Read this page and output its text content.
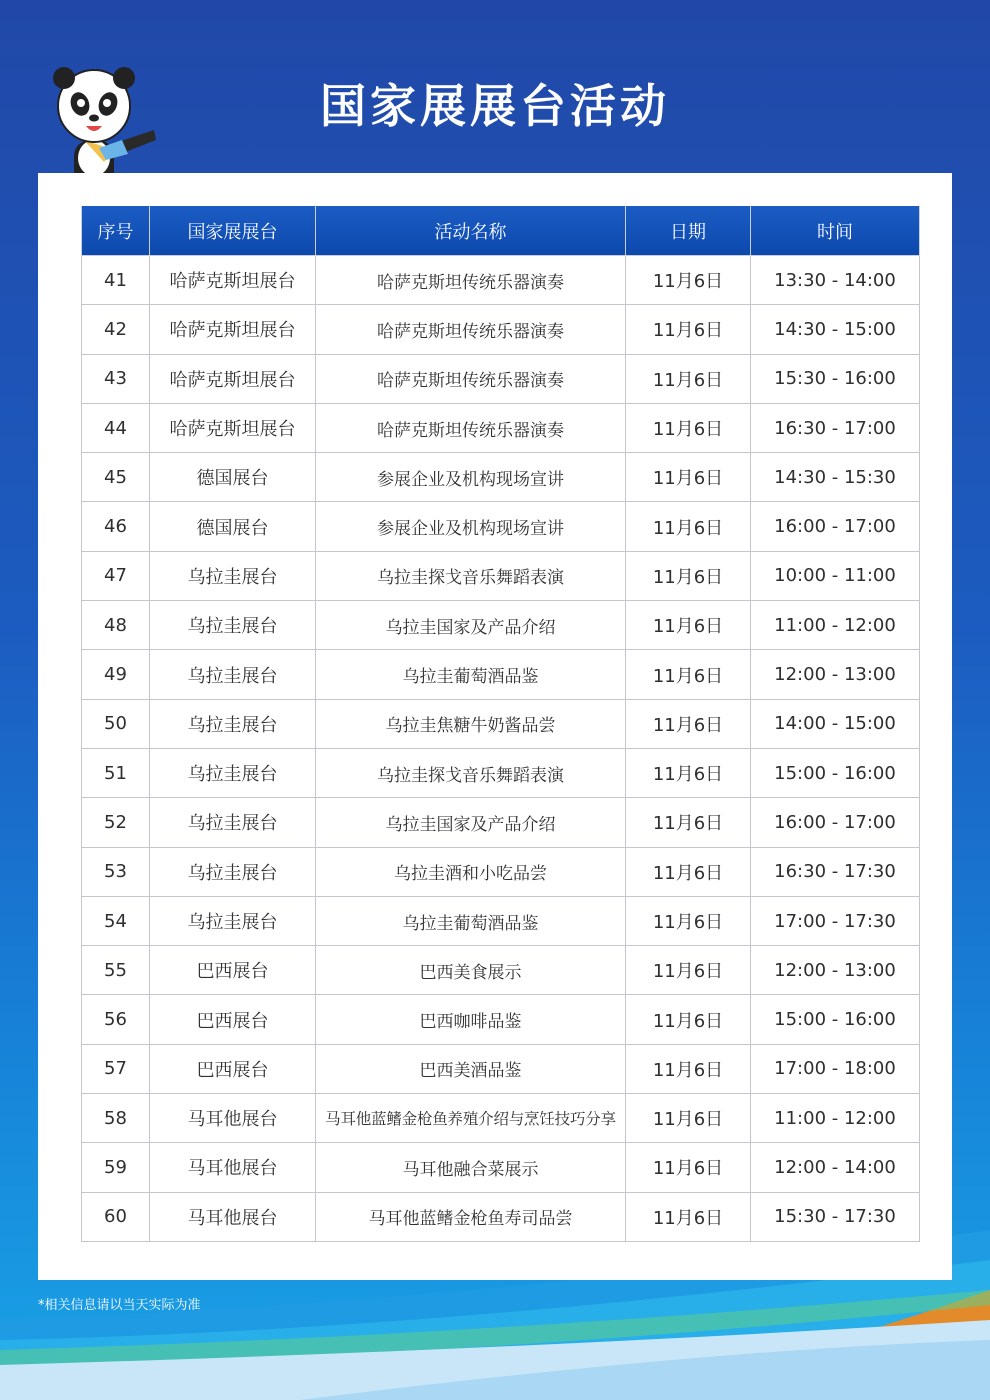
国家展展台活动
序号	国家展展台	活动名称	日期	时间
41	哈萨克斯坦展台	哈萨克斯坦传统乐器演奏	11月6日	13:30 - 14:00
42	哈萨克斯坦展台	哈萨克斯坦传统乐器演奏	11月6日	14:30 - 15:00
43	哈萨克斯坦展台	哈萨克斯坦传统乐器演奏	11月6日	15:30 - 16:00
44	哈萨克斯坦展台	哈萨克斯坦传统乐器演奏	11月6日	16:30 - 17:00
45	德国展台	参展企业及机构现场宣讲	11月6日	14:30 - 15:30
46	德国展台	参展企业及机构现场宣讲	11月6日	16:00 - 17:00
47	乌拉圭展台	乌拉圭探戈音乐舞蹈表演	11月6日	10:00 - 11:00
48	乌拉圭展台	乌拉圭国家及产品介绍	11月6日	11:00 - 12:00
49	乌拉圭展台	乌拉圭葡萄酒品鉴	11月6日	12:00 - 13:00
50	乌拉圭展台	乌拉圭焦糖牛奶酱品尝	11月6日	14:00 - 15:00
51	乌拉圭展台	乌拉圭探戈音乐舞蹈表演	11月6日	15:00 - 16:00
52	乌拉圭展台	乌拉圭国家及产品介绍	11月6日	16:00 - 17:00
53	乌拉圭展台	乌拉圭酒和小吃品尝	11月6日	16:30 - 17:30
54	乌拉圭展台	乌拉圭葡萄酒品鉴	11月6日	17:00 - 17:30
55	巴西展台	巴西美食展示	11月6日	12:00 - 13:00
56	巴西展台	巴西咖啡品鉴	11月6日	15:00 - 16:00
57	巴西展台	巴西美酒品鉴	11月6日	17:00 - 18:00
58	马耳他展台	马耳他蓝鳍金枪鱼养殖介绍与烹饪技巧分享	11月6日	11:00 - 12:00
59	马耳他展台	马耳他融合菜展示	11月6日	12:00 - 14:00
60	马耳他展台	马耳他蓝鳍金枪鱼寿司品尝	11月6日	15:30 - 17:30
*相关信息请以当天实际为准
